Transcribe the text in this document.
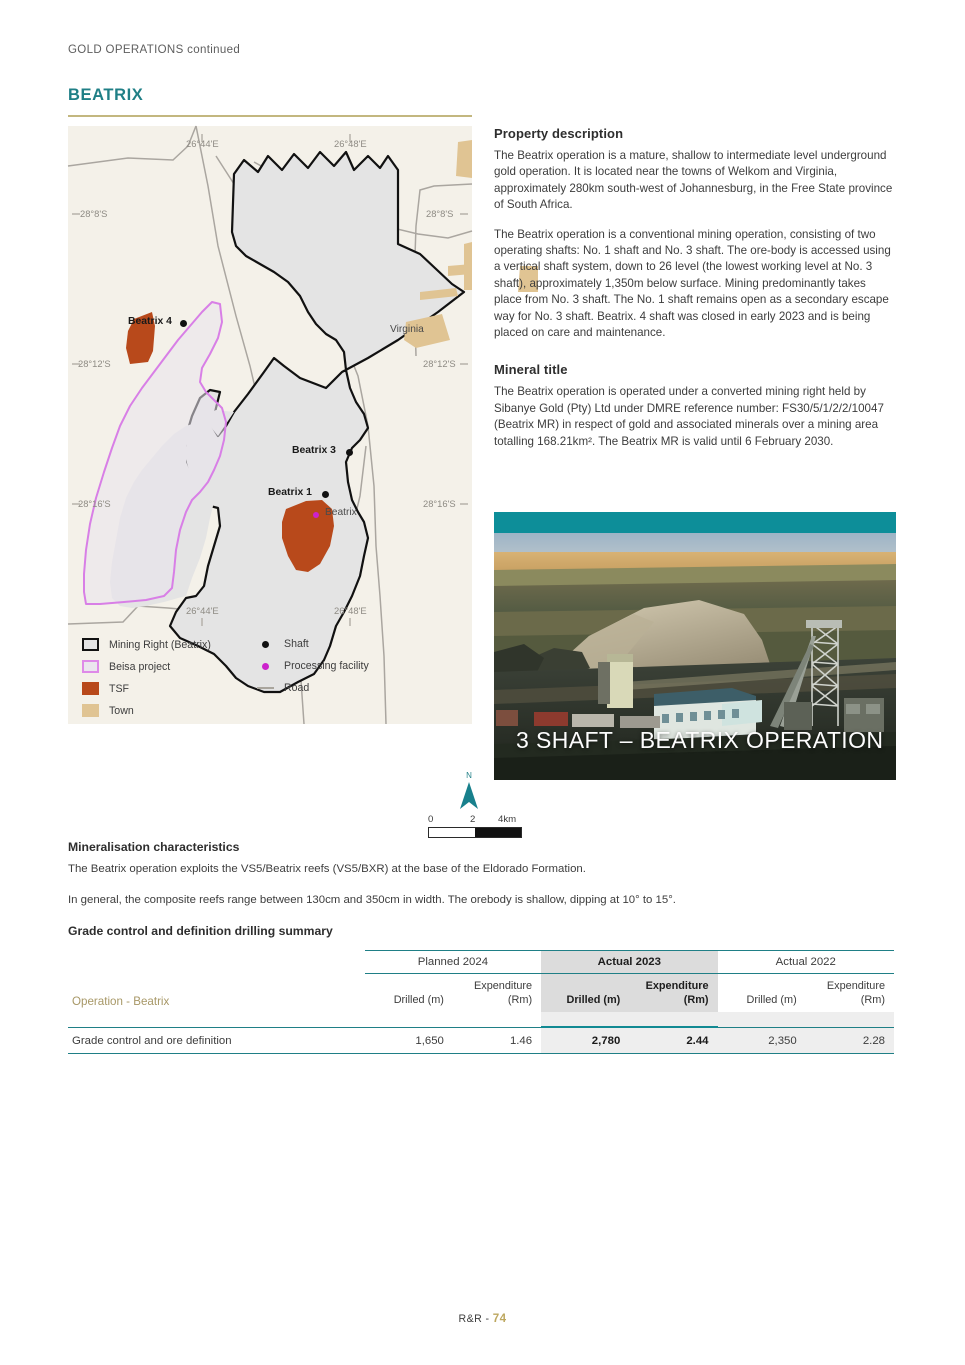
GOLD OPERATIONS continued
BEATRIX
26°44'E	26°48'E
26°44'E	26°48'E
28°8'S	28°8'S
28°12'S	28°12'S
28°16'S	28°16'S
Virginia
Beatrix 4
Beatrix 3
Beatrix 1
Beatrix
Mining Right (Beatrix)
Beisa project
TSF
Town
Shaft
Processing facility
Road
N
0	2 4km
Property description

The Beatrix operation is a mature, shallow to intermediate level underground gold operation. It is located near the towns of Welkom and Virginia, approximately 280km south-west of Johannesburg, in the Free State province of South Africa.

The Beatrix operation is a conventional mining operation, consisting of two operating shafts: No. 1 shaft and No. 3 shaft. The ore-body is accessed using a vertical shaft system, down to 26 level (the lowest working level at No. 3 shaft), approximately 1,350m below surface. Mining predominantly takes place from No. 3 shaft. The No. 1 shaft remains open as a secondary escape way for No. 3 shaft. Beatrix. 4 shaft was closed in early 2023 and is being placed on care and maintenance.

Mineral title

The Beatrix operation is operated under a converted mining right held by Sibanye Gold (Pty) Ltd under DMRE reference number: FS30/5/1/2/2/10047 (Beatrix MR) in respect of gold and associated minerals over a mining area totalling 168.21km². The Beatrix MR is valid until 6 February 2030.

3 SHAFT – BEATRIX OPERATION
Mineralisation characteristics

The Beatrix operation exploits the VS5/Beatrix reefs (VS5/BXR) at the base of the Eldorado Formation.

In general, the composite reefs range between 130cm and 350cm in width. The orebody is shallow, dipping at 10° to 15°.

Grade control and definition drilling summary
	Planned 2024		Actual 2023		Actual 2022	
Operation - Beatrix	Drilled (m)	Expenditure
(Rm)	Drilled (m)	Expenditure
(Rm)	Drilled (m)	Expenditure
(Rm)

Grade control and ore definition	1,650	1.46	2,780	2.44	2,350	2.28
R&R - 74
